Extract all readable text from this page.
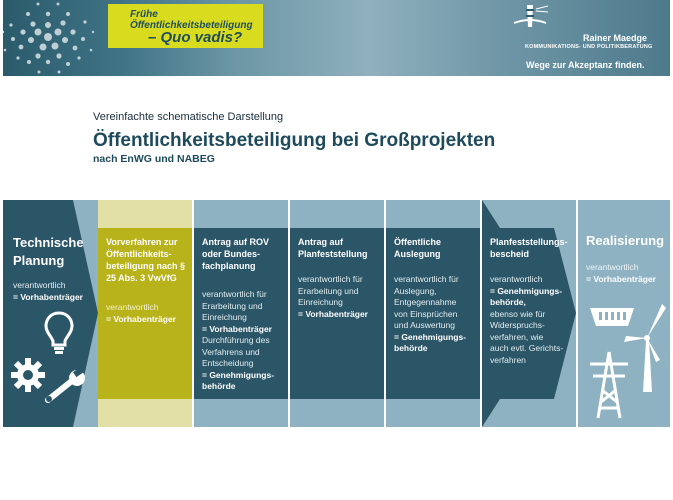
Frühe
Öffentlichkeitsbeteiligung
– Quo vadis?	Rainer Maedge
KOMMUNIKATIONS- UND POLITIKBERATUNG
Wege zur Akzeptanz finden.
Vereinfachte schematische Darstellung
Öffentlichkeitsbeteiligung bei Großprojekten
nach EnWG und NABEG
Technische Planung
verantwortlich
= Vorhabenträger
Vorverfahren zur Öffentlichkeits-beteiligung nach § 25 Abs. 3 VwVfG
verantwortlich
= Vorhabenträger
Antrag auf ROV oder Bundes-fachplanung
verantwortlich für
Erarbeitung und
Einreichung
= Vorhabenträger
Durchführung des
Verfahrens und
Entscheidung
= Genehmigungs-
behörde
Antrag auf Planfeststellung
verantwortlich für
Erarbeitung und
Einreichung
= Vorhabenträger
Öffentliche Auslegung
verantwortlich für
Auslegung,
Entgegennahme
von Einsprüchen
und Auswertung
= Genehmigungs-
behörde
Planfeststellungs-bescheid
verantwortlich
= Genehmigungs-
behörde,
ebenso wie für
Widerspruchs-
verfahren, wie
auch evtl. Gerichts-
verfahren
Realisierung
verantwortlich
= Vorhabenträger
